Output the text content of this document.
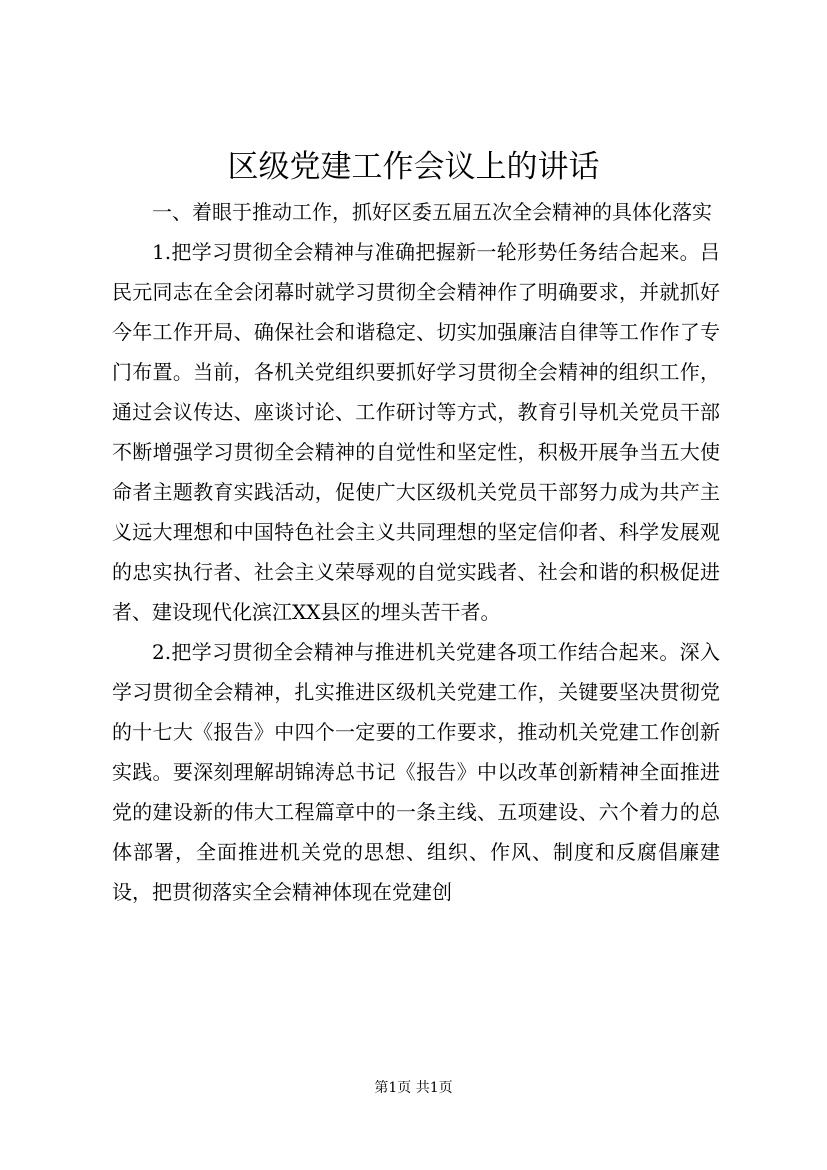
区级党建工作会议上的讲话

一、着眼于推动工作，抓好区委五届五次全会精神的具体化落实

1.把学习贯彻全会精神与准确把握新一轮形势任务结合起来。吕民元同志在全会闭幕时就学习贯彻全会精神作了明确要求，并就抓好今年工作开局、确保社会和谐稳定、切实加强廉洁自律等工作作了专门布置。当前，各机关党组织要抓好学习贯彻全会精神的组织工作，通过会议传达、座谈讨论、工作研讨等方式，教育引导机关党员干部不断增强学习贯彻全会精神的自觉性和坚定性，积极开展争当五大使命者主题教育实践活动，促使广大区级机关党员干部努力成为共产主义远大理想和中国特色社会主义共同理想的坚定信仰者、科学发展观的忠实执行者、社会主义荣辱观的自觉实践者、社会和谐的积极促进者、建设现代化滨江XX县区的埋头苦干者。

2.把学习贯彻全会精神与推进机关党建各项工作结合起来。深入学习贯彻全会精神，扎实推进区级机关党建工作，关键要坚决贯彻党的十七大《报告》中四个一定要的工作要求，推动机关党建工作创新实践。要深刻理解胡锦涛总书记《报告》中以改革创新精神全面推进党的建设新的伟大工程篇章中的一条主线、五项建设、六个着力的总体部署，全面推进机关党的思想、组织、作风、制度和反腐倡廉建设，把贯彻落实全会精神体现在党建创

第1页 共1页
